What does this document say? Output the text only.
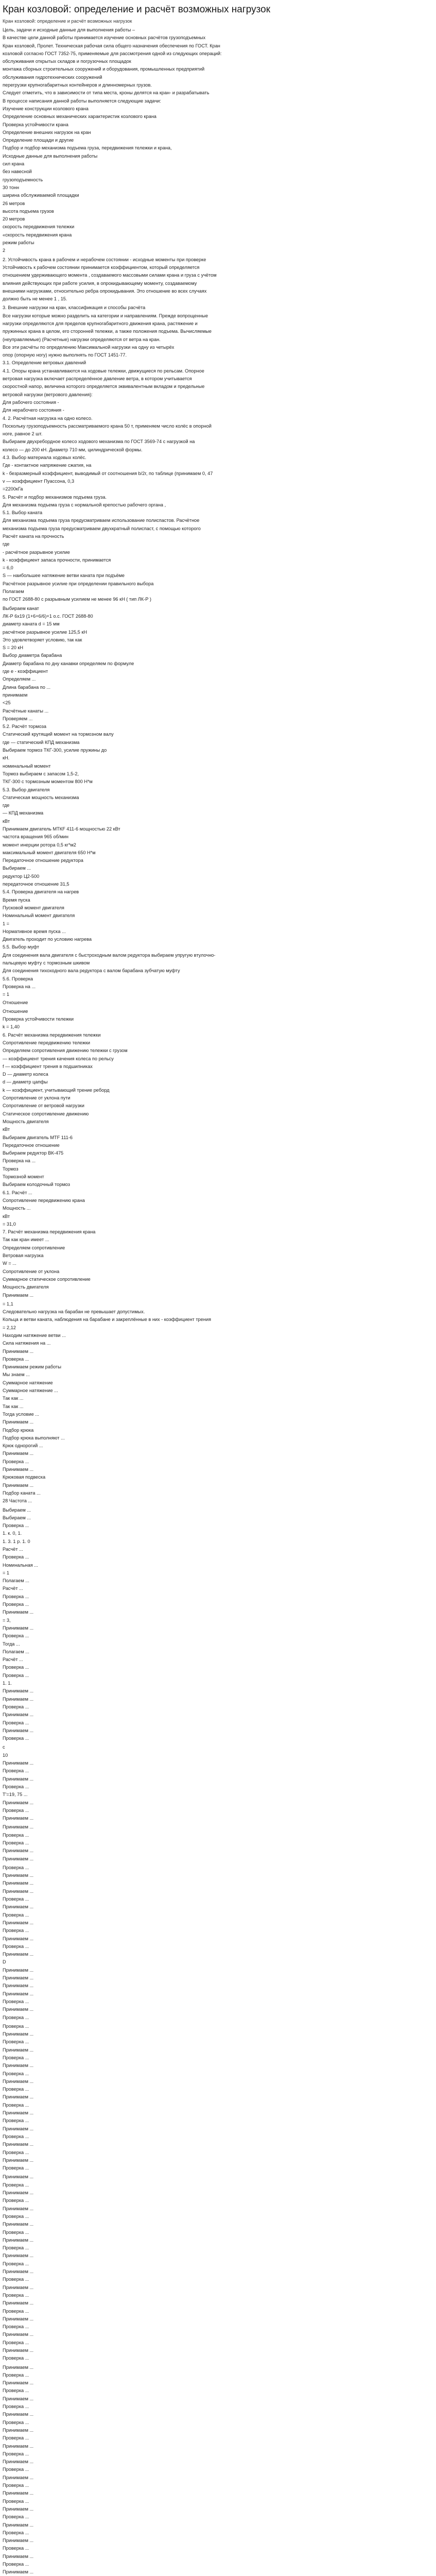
Кран козловой: определение и расчёт возможных нагрузок
Кран козловой: определение и расчёт возможных нагрузок
Цель, задачи и исходные данные для выполнения работы –
В качестве цели данной работы принимается изучение основных расчётов грузоподъемных
Кран козловой, Пролет. Техническая рабочая сила общего назначения обеспечения по ГОСТ. Кран
козловой согласно ГОСТ 7352-75, применяемые для рассмотрения одной из следующих операций:
обслуживания открытых складов и погрузочных площадок
монтажа сборных строительных сооружений и оборудования, промышленных предприятий
обслуживания гидротехнических сооружений
перегрузки крупногабаритных контейнеров и длинномерных грузов.
Следует отметить, что в зависимости от типа места, кроны делятся на кран- и разрабатывать
В процессе написания данной работы выполняется следующие задачи:
Изучение конструкции козлового крана
Определение основных механических характеристик козлового крана
Проверка устойчивости крана
Определение внешних нагрузок на кран
Определение площади и другие
Подбор и подбор механизма подъема груза, передвижения тележки и крана,
Исходные данные для выполнения работы
сил крана
без навесной
грузоподъемность
30 тонн
ширина обслуживаемой площадки
26 метров
высота подъема грузов
20 метров
скорость передвижения тележки
«скорость передвижения крана
режим работы
2
2. Устойчивость крана в рабочем и нерабочем состоянии - исходные моменты при проверке
Устойчивость к рабочем состоянии принимается коэффициентом, который определяется
отношением удерживающего момента , создаваемого массовыми силами крана и груза с учётом
влияния действующих при работе усилия, в опрокидывающему моменту, создаваемому
внешними нагрузками, относительно ребра опрокидывания. Это отношение во всех случаях
должно быть не менее 1 , 15.
3. Внешние нагрузки на кран, классификация и способы расчёта
Все нагрузки которые можно разделить на категории и направлениям. Прежде вопрощенные
нагрузки определяются для пределов крупногабаритного движения крана, растяжение и
пружинных крана в целом, его сторонней тележки, а также положения подъема. Вычисляемые
(неуправляемые) (Расчетные) нагрузки определяются от ветра на кран.
Все эти расчёты по определению Максимальной нагрузки на одну из четырёх
опор (опорную ногу) нужно выполнять по ГОСТ 1451-77.
3.1. Определение ветровых давлений
4.1. Опоры крана устанавливаются на ходовые тележки, движущиеся по рельсам. Опорное
ветровая нагрузка включает распределённое давление ветра, в котором учитывается
скоростной напор, величина которого определяется эквивалентным вкладом и предельные
ветровой нагрузки (ветрового давления):
Для рабочего состояния -
Для нерабочего состояния -
4. 2. Расчётная нагрузка на одно колесо.
Поскольку грузоподъемность рассматриваемого крана 50 т, применяем число колёс в опорной
ноге, равное 2 шт.
Выбираем двухребордное колесо ходового механизма по ГОСТ 3569-74 с нагрузкой на
колесо — до 200 кН. Диаметр 710 мм, цилиндрической формы.
4.3. Выбор материала ходовых колёс.
Где - контактное напряжение сжатия, на
k - безразмерный коэффициент, выводимый от соотношения b/2r, по таблице (принимаем 0, 47
v — коэффициент Пуассона, 0,3
=2200кГа
5. Расчёт и подбор механизмов подъема груза.
Для механизма подъема груза с нормальной крепостью рабочего органа ,
5.1. Выбор каната
Для механизма подъема груза предусматриваем использование полиспастов. Расчётное
механизма подъема груза предусматриваем двухкратный полиспаст, с помощью которого
Расчёт каната на прочность
где
- расчётное разрывное усилие
k - коэффициент запаса прочности, принимается
= 6,0
S — наибольшее натяжение ветви каната при подъёме
Расчётное разрывное усилие при определении правильного выбора
Полагаем
по ГОСТ 2688-80 с разрывным усилием не менее 96 кН ( тип ЛК-Р )
Выбираем канат
ЛК-Р 6x19 (1+6+6/6)+1 о.с. ГОСТ 2688-80
диаметр каната d = 15 мм
расчётное разрывное усилие 125,5 кН
Это удовлетворяет условию, так как
S = 20 кН
Выбор диаметра барабана
Диаметр барабана по дну канавки определяем по формуле
где e - коэффициент
Определяем ...
Длина барабана по ...
принимаем
<25
Расчётные канаты ...
Проверяем ...
5.2. Расчёт тормоза
Статический крутящий момент на тормозном валу
где — статический КПД механизма
Выбираем тормоз ТКГ-300, усилие пружины до
кН.
номинальный момент
Тормоз выбираем с запасом 1,5-2,
ТКГ-300 с тормозным моментом 800 Н*м
5.3. Выбор двигателя
Статическая мощность механизма
где
— КПД механизма
кВт
Принимаем двигатель МТКF 411-6 мощностью 22 кВт
частота вращения 965 об/мин
момент инерции ротора 0,5 кг*м2
максимальный момент двигателя 650 Н*м
Передаточное отношение редуктора
Выбираем ...
редуктор Ц2-500
передаточное отношение 31,5
5.4. Проверка двигателя на нагрев
Время пуска
Пусковой момент двигателя
Номинальный момент двигателя
1 =
Нормативное время пуска ...
Двигатель проходит по условию нагрева
5.5. Выбор муфт
Для соединения вала двигателя с быстроходным валом редуктора выбираем упругую втулочно-
пальцевую муфту с тормозным шкивом
Для соединения тихоходного вала редуктора с валом барабана зубчатую муфту
5.6. Проверка
Проверка на ...
= 1
Отношение
Отношение
Проверка устойчивости тележки
k = 1,40
6. Расчёт механизма передвижения тележки
Сопротивление передвижению тележки
Определяем сопротивления движению тележки с грузом
— коэффициент трения качения колеса по рельсу
f — коэффициент трения в подшипниках
D — диаметр колеса
d — диаметр цапфы
k — коэффициент, учитывающий трение реборд
Сопротивление от уклона пути
Сопротивление от ветровой нагрузки
Статическое сопротивление движению
Мощность двигателя
кВт
Выбираем двигатель MTF 111-6
Передаточное отношение
Выбираем редуктор ВК-475
Проверка на ...
Тормоз
Тормозной момент
Выбираем колодочный тормоз
6.1. Расчёт ...
Сопротивление передвижению крана
Мощность ...
кВт
= 31,0
7. Расчёт механизма передвижения крана
Так как кран имеет ...
Определяем сопротивление
Ветровая нагрузка
W = ...
Сопротивление от уклона
Суммарное статическое сопротивление
Мощность двигателя
Принимаем ...
= 1,1
Следовательно нагрузка на барабан не превышает допустимых.
Кольца и ветви каната, наблюдения на барабане и закреплённые в них - коэффициент трения
= 2,12
Находим натяжение ветви ...
Сила натяжения на ...
Принимаем ...
Проверка ...
Принимаем режим работы
Мы знаем ...
Суммарное натяжение
Суммарное натяжение ...
Так как ...
Так как ...
Тогда условие ...
Принимаем ...
Подбор крюка
Подбор крюка выполняют ...
Крюк однорогий ...
Принимаем ...
Проверка ...
Принимаем ...
Крюковая подвеска
Принимаем ...
Подбор каната ...
28 Частота ...
Выбираем ...
Выбираем ...
Проверка ...
1. к. 0, 1.
1. 3. 1 р. 1. 0
Расчёт ...
Проверка ...
Номинальная ...
= 1
Полагаем ...
Расчёт ...
Проверка ...
Проверка ...
Принимаем ...
= 3,
Принимаем ...
Проверка ...
Тогда ...
Полагаем ...
Расчёт ...
Проверка ...
Проверка ...
1. 1.
Принимаем ...
Принимаем ...
Проверка ...
Принимаем ...
Проверка ...
Принимаем ...
Проверка ...
с
10
Принимаем ...
Проверка ...
Принимаем ...
Проверка ...
Т'=19, 75 ...
Принимаем ...
Проверка ...
Принимаем ...
Принимаем ...
Проверка ...
Проверка ...
Принимаем ...
Принимаем ...
Проверка ...
Принимаем ...
Принимаем ...
Принимаем ...
Проверка ...
Принимаем ...
Проверка ...
Принимаем ...
Проверка ...
Принимаем ...
Проверка ...
Принимаем ...
D
Принимаем ...
Принимаем ...
Принимаем ...
Принимаем ...
Проверка ...
Принимаем ...
Проверка ...
Проверка ...
Принимаем ...
Проверка ...
Принимаем ...
Проверка ...
Принимаем ...
Проверка ...
Принимаем ...
Проверка ...
Принимаем ...
Проверка ...
Принимаем ...
Проверка ...
Принимаем ...
Проверка ...
Принимаем ...
Проверка ...
Принимаем ...
Проверка ...
Принимаем ...
Проверка ...
Принимаем ...
Проверка ...
Принимаем ...
Проверка ...
Принимаем ...
Проверка ...
Принимаем ...
Проверка ...
Принимаем ...
Проверка ...
Принимаем ...
Проверка ...
Принимаем ...
Проверка ...
Принимаем ...
Проверка ...
Принимаем ...
Проверка ...
Принимаем ...
Проверка ...
Принимаем ...
Проверка ...
Принимаем ...
Проверка ...
Принимаем ...
Проверка ...
Принимаем ...
Проверка ...
Принимаем ...
Проверка ...
Принимаем ...
Проверка ...
Принимаем ...
Проверка ...
Принимаем ...
Проверка ...
Принимаем ...
Проверка ...
Принимаем ...
Проверка ...
Принимаем ...
Проверка ...
Принимаем ...
Проверка ...
Принимаем ...
Проверка ...
Принимаем ...
Проверка ...
Принимаем ...
